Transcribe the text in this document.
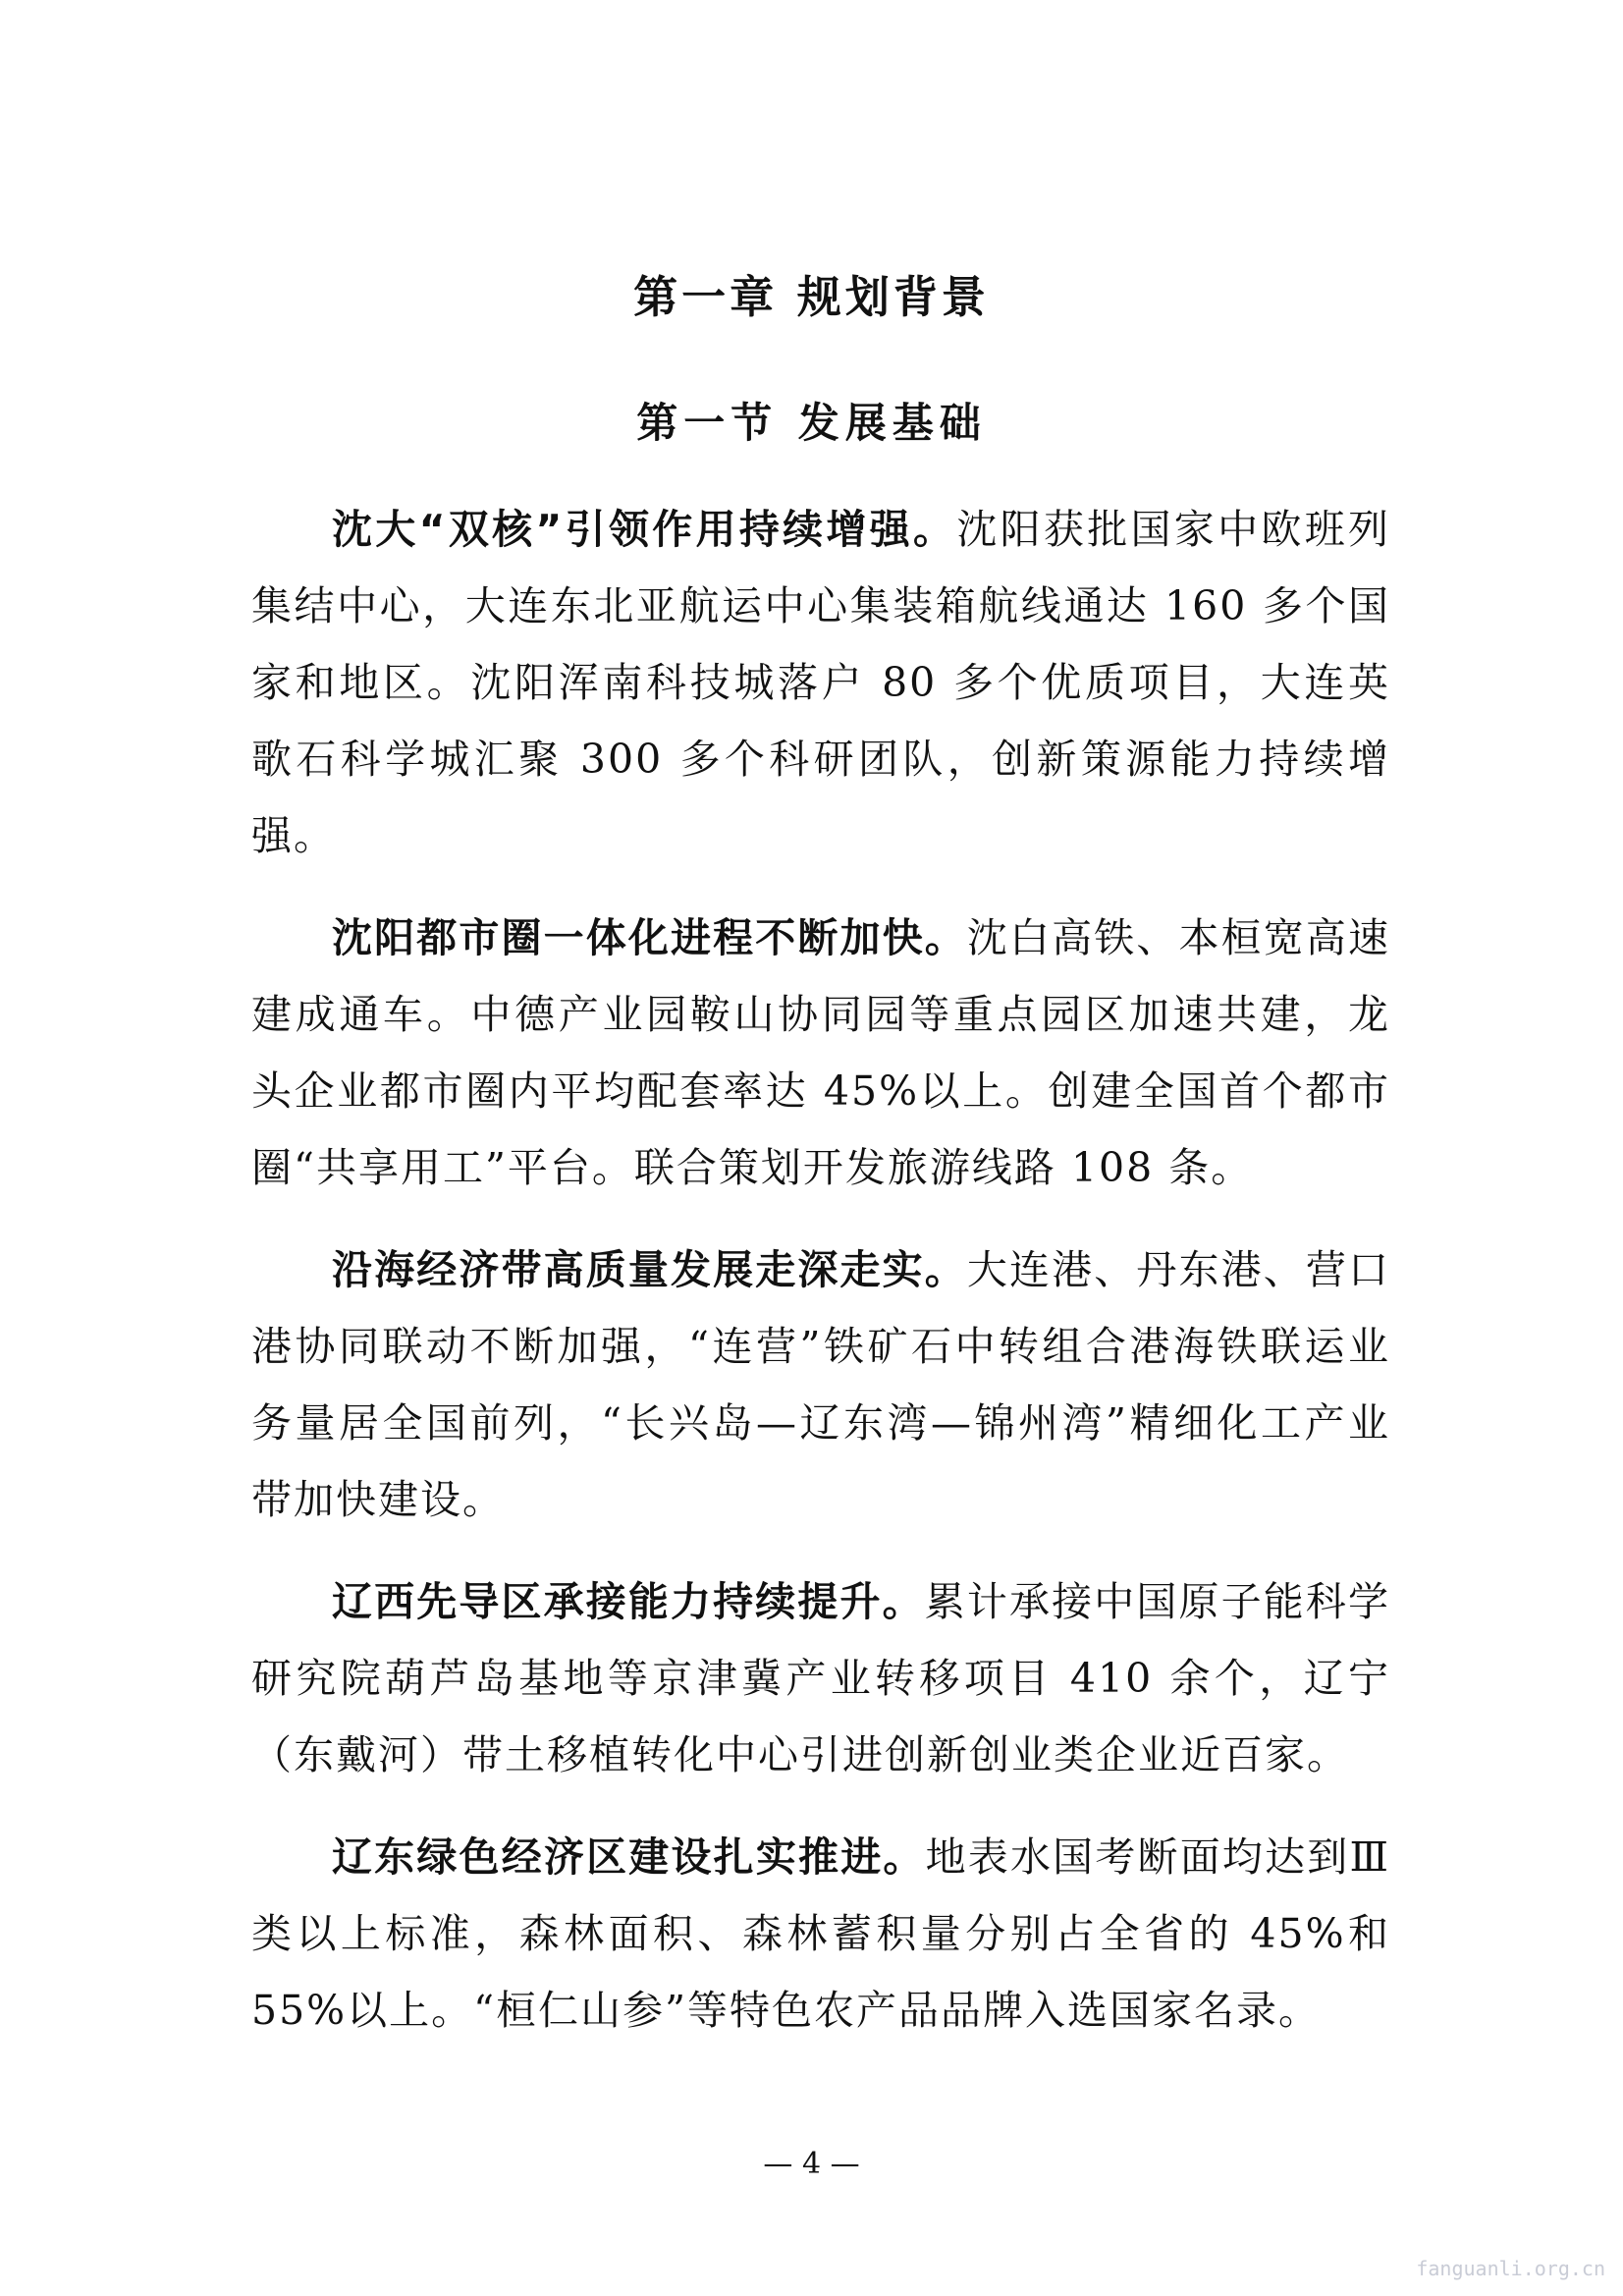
第一章 规划背景
第一节 发展基础

沈大“双核”引领作用持续增强。沈阳获批国家中欧班列集结中心，大连东北亚航运中心集装箱航线通达 160 多个国家和地区。沈阳浑南科技城落户 80 多个优质项目，大连英歌石科学城汇聚 300 多个科研团队，创新策源能力持续增强。

沈阳都市圈一体化进程不断加快。沈白高铁、本桓宽高速建成通车。中德产业园鞍山协同园等重点园区加速共建，龙头企业都市圈内平均配套率达 45%以上。创建全国首个都市圈“共享用工”平台。联合策划开发旅游线路 108 条。

沿海经济带高质量发展走深走实。大连港、丹东港、营口港协同联动不断加强，“连营”铁矿石中转组合港海铁联运业务量居全国前列，“长兴岛—辽东湾—锦州湾”精细化工产业带加快建设。

辽西先导区承接能力持续提升。累计承接中国原子能科学研究院葫芦岛基地等京津冀产业转移项目 410 余个，辽宁（东戴河）带土移植转化中心引进创新创业类企业近百家。

辽东绿色经济区建设扎实推进。地表水国考断面均达到Ⅲ类以上标准，森林面积、森林蓄积量分别占全省的 45%和 55%以上。“桓仁山参”等特色农产品品牌入选国家名录。

— 4 —

fanguanli.org.cn
